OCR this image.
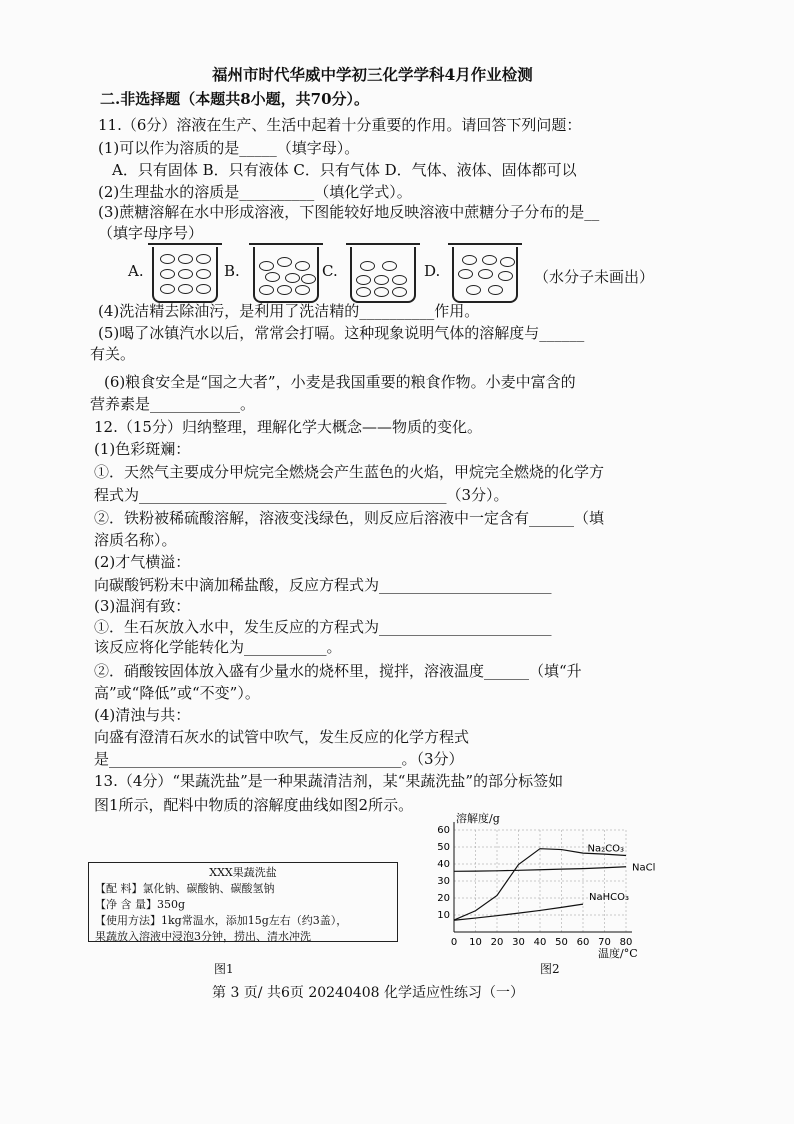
福州市时代华威中学初三化学学科4月作业检测
二.非选择题（本题共8小题，共70分）。
11.（6分）溶液在生产、生活中起着十分重要的作用。请回答下列问题：
(1)可以作为溶质的是_____（填字母）。
A．只有固体 B．只有液体 C．只有气体 D．气体、液体、固体都可以
(2)生理盐水的溶质是__________（填化学式）。
(3)蔗糖溶解在水中形成溶液，下图能较好地反映溶液中蔗糖分子分布的是__
（填字母序号）
A.	B.	C.	D.	（水分子未画出）
(4)洗洁精去除油污，是利用了洗洁精的__________作用。
(5)喝了冰镇汽水以后，常常会打嗝。这种现象说明气体的溶解度与______
有关。
(6)粮食安全是“国之大者”，小麦是我国重要的粮食作物。小麦中富含的
营养素是____________。
12.（15分）归纳整理，理解化学大概念——物质的变化。
(1)色彩斑斓：
①．天然气主要成分甲烷完全燃烧会产生蓝色的火焰，甲烷完全燃烧的化学方
程式为_________________________________________（3分）。
②．铁粉被稀硫酸溶解，溶液变浅绿色，则反应后溶液中一定含有______（填
溶质名称）。
(2)才气横溢：
向碳酸钙粉末中滴加稀盐酸，反应方程式为_______________________
(3)温润有致：
①．生石灰放入水中，发生反应的方程式为_______________________
该反应将化学能转化为___________。
②．硝酸铵固体放入盛有少量水的烧杯里，搅拌，溶液温度______（填“升
高”或“降低”或“不变”）。
(4)清浊与共：
向盛有澄清石灰水的试管中吹气，发生反应的化学方程式
是_______________________________________。（3分）
13.（4分）“果蔬洗盐”是一种果蔬清洁剂，某“果蔬洗盐”的部分标签如
图1所示，配料中物质的溶解度曲线如图2所示。
XXX果蔬洗盐
【配 料】氯化钠、碳酸钠、碳酸氢钠
【净 含 量】350g
【使用方法】1kg常温水，添加15g左右（约3盖），
果蔬放入溶液中浸泡3分钟，捞出、清水冲洗
图1
0 10 20 30 40 50 60 70 80
10
20
30
40
50
60
溶解度/g
温度/°C
Na₂CO₃
NaCl
NaHCO₃
图2
第 3 页/ 共6页 20240408 化学适应性练习（一）
